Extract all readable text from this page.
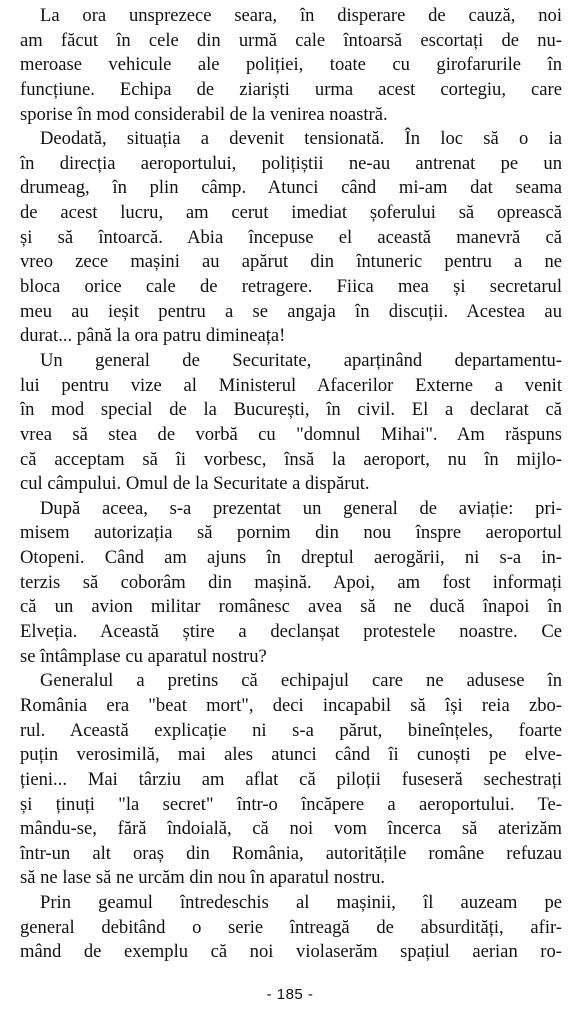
La ora unsprezece seara, în disperare de cauză, noi
am făcut în cele din urmă cale întoarsă escortați de nu-
meroase vehicule ale poliției, toate cu girofarurile în
funcțiune. Echipa de ziariști urma acest cortegiu, care
sporise în mod considerabil de la venirea noastră.
Deodată, situația a devenit tensionată. În loc să o ia
în direcția aeroportului, polițiștii ne-au antrenat pe un
drumeag, în plin câmp. Atunci când mi-am dat seama
de acest lucru, am cerut imediat șoferului să oprească
și să întoarcă. Abia începuse el această manevră că
vreo zece mașini au apărut din întuneric pentru a ne
bloca orice cale de retragere. Fiica mea și secretarul
meu au ieșit pentru a se angaja în discuții. Acestea au
durat... până la ora patru dimineața!
Un general de Securitate, aparținând departamentu-
lui pentru vize al Ministerul Afacerilor Externe a venit
în mod special de la București, în civil. El a declarat că
vrea să stea de vorbă cu "domnul Mihai". Am răspuns
că acceptam să îi vorbesc, însă la aeroport, nu în mijlo-
cul câmpului. Omul de la Securitate a dispărut.
După aceea, s-a prezentat un general de aviație: pri-
misem autorizația să pornim din nou înspre aeroportul
Otopeni. Când am ajuns în dreptul aerogării, ni s-a in-
terzis să coborâm din mașină. Apoi, am fost informați
că un avion militar românesc avea să ne ducă înapoi în
Elveția. Această știre a declanșat protestele noastre. Ce
se întâmplase cu aparatul nostru?
Generalul a pretins că echipajul care ne adusese în
România era "beat mort", deci incapabil să își reia zbo-
rul. Această explicație ni s-a părut, bineînțeles, foarte
puțin verosimilă, mai ales atunci când îi cunoști pe elve-
țieni... Mai târziu am aflat că piloții fuseseră sechestrați
și ținuți "la secret" într-o încăpere a aeroportului. Te-
mându-se, fără îndoială, că noi vom încerca să aterizăm
într-un alt oraș din România, autoritățile române refuzau
să ne lase să ne urcăm din nou în aparatul nostru.
Prin geamul întredeschis al mașinii, îl auzeam pe
general debitând o serie întreagă de absurdități, afir-
mând de exemplu că noi violaserăm spațiul aerian ro-
- 185 -
